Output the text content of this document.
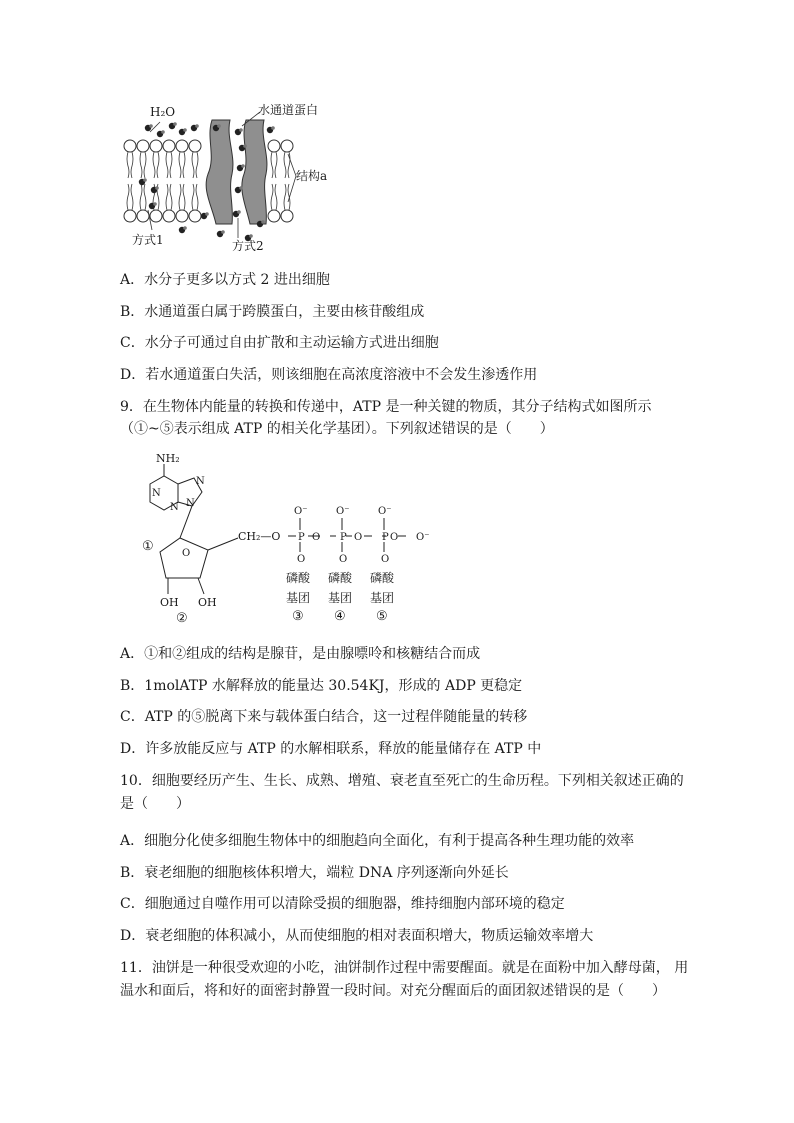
H₂O	水通道蛋白
结构a
方式1	方式2
A．水分子更多以方式 2 进出细胞
B．水通道蛋白属于跨膜蛋白，主要由核苷酸组成
C．水分子可通过自由扩散和主动运输方式进出细胞
D．若水通道蛋白失活，则该细胞在高浓度溶液中不会发生渗透作用
9．在生物体内能量的转换和传递中，ATP 是一种关键的物质，其分子结构式如图所示
（①~⑤表示组成 ATP 的相关化学基团）。下列叙述错误的是（　　）
N
N
N
N
O
P	P	P
O	O	O O⁻
O	O	O
NH₂
①
CH₂—O
OH OH
②
O⁻	O⁻	O⁻
磷酸 磷酸 磷酸
基团 基团 基团
③ ④ ⑤
A．①和②组成的结构是腺苷，是由腺嘌呤和核糖结合而成
B．1molATP 水解释放的能量达 30.54KJ，形成的 ADP 更稳定
C．ATP 的⑤脱离下来与载体蛋白结合，这一过程伴随能量的转移
D．许多放能反应与 ATP 的水解相联系，释放的能量储存在 ATP 中
10．细胞要经历产生、生长、成熟、增殖、衰老直至死亡的生命历程。下列相关叙述正确的
是（　　）
A．细胞分化使多细胞生物体中的细胞趋向全面化，有利于提高各种生理功能的效率
B．衰老细胞的细胞核体积增大，端粒 DNA 序列逐渐向外延长
C．细胞通过自噬作用可以清除受损的细胞器，维持细胞内部环境的稳定
D．衰老细胞的体积减小，从而使细胞的相对表面积增大，物质运输效率增大
11．油饼是一种很受欢迎的小吃，油饼制作过程中需要醒面。就是在面粉中加入酵母菌， 用
温水和面后，将和好的面密封静置一段时间。对充分醒面后的面团叙述错误的是（　　）
